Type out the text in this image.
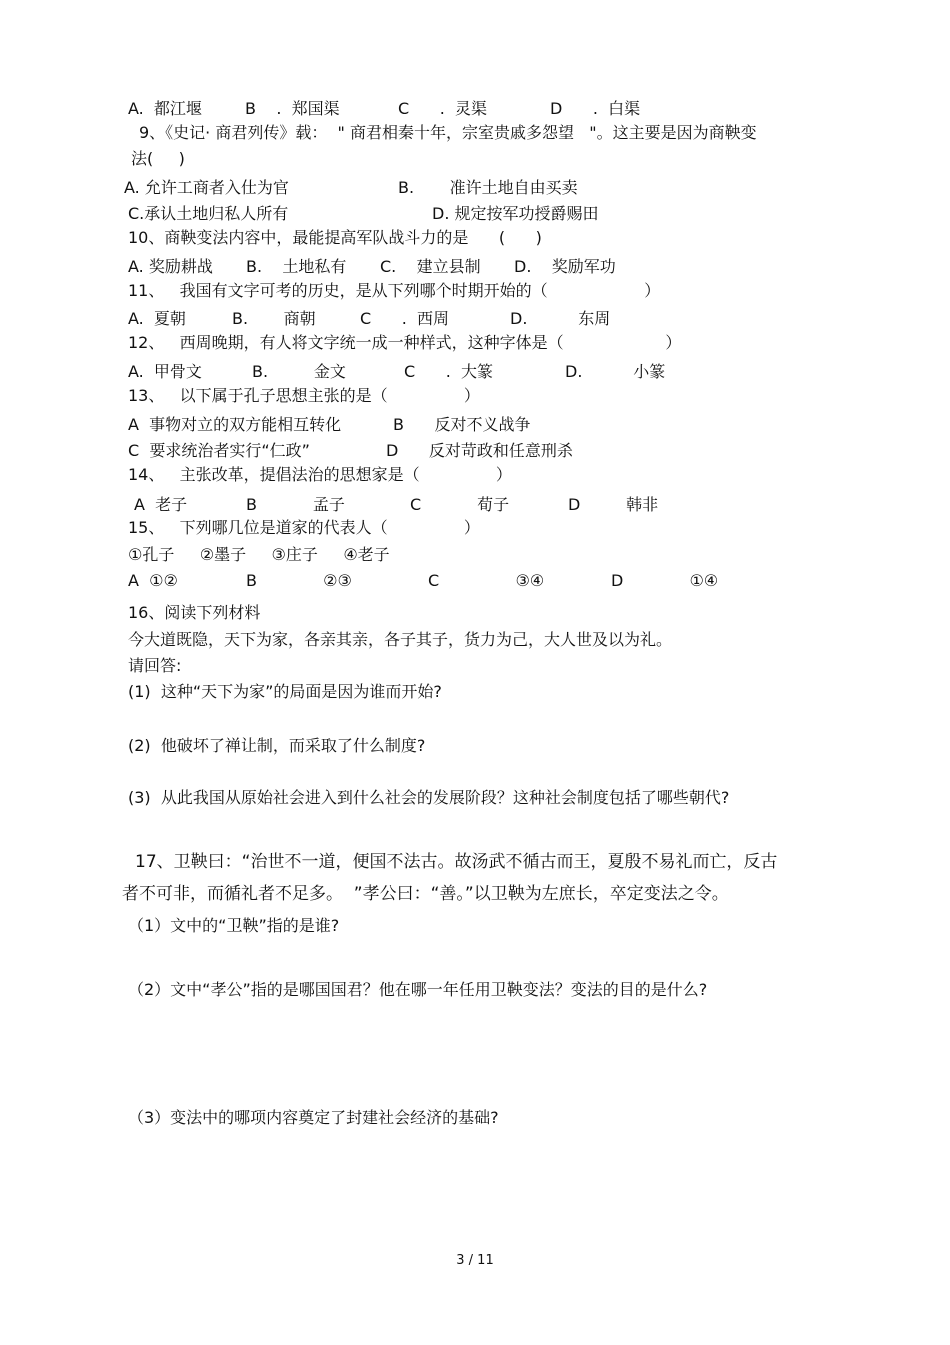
A.  都江堰	B    .  郑国渠	C      .  灵渠	D      .  白渠
9、《史记· 商君列传》载：  " 商君相秦十年，宗室贵戚多怨望   "。这主要是因为商鞅变
法(     )
A. 允许工商者入仕为官	B.       准许土地自由买卖
C.承认土地归私人所有	D. 规定按军功授爵赐田
10、商鞅变法内容中，最能提高军队战斗力的是      (      )
A. 奖励耕战 B.    土地私有 C.    建立县制 D.    奖励军功
11、   我国有文字可考的历史，是从下列哪个时期开始的（                   ）
A.  夏朝	B.       商朝	C      .  西周	D.          东周
12、   西周晚期，有人将文字统一成一种样式，这种字体是（                    ）
A.  甲骨文	B.         金文	C      .  大篆	D.          小篆
13、   以下属于孔子思想主张的是（               ）
A  事物对立的双方能相互转化	B      反对不义战争
C  要求统治者实行“仁政”	D      反对苛政和任意刑杀
14、   主张改革，提倡法治的思想家是（               ）
A  老子	B           孟子	C           荀子	D         韩非
15、   下列哪几位是道家的代表人（               ）
①孔子     ②墨子     ③庄子     ④老子
A  ①②	B             ②③	C               ③④	D             ①④
16、阅读下列材料
今大道既隐，天下为家，各亲其亲，各子其子，货力为己，大人世及以为礼。
请回答:
(1)  这种“天下为家”的局面是因为谁而开始?
(2)  他破坏了禅让制，而采取了什么制度?
(3)  从此我国从原始社会进入到什么社会的发展阶段？这种社会制度包括了哪些朝代?
17、卫鞅曰：“治世不一道，便国不法古。故汤武不循古而王，夏殷不易礼而亡，反古
者不可非，而循礼者不足多。  ”孝公曰：“善。”以卫鞅为左庶长，卒定变法之令。
（1）文中的“卫鞅”指的是谁?
（2）文中“孝公”指的是哪国国君？他在哪一年任用卫鞅变法？变法的目的是什么?
（3）变法中的哪项内容奠定了封建社会经济的基础?
3 / 11
